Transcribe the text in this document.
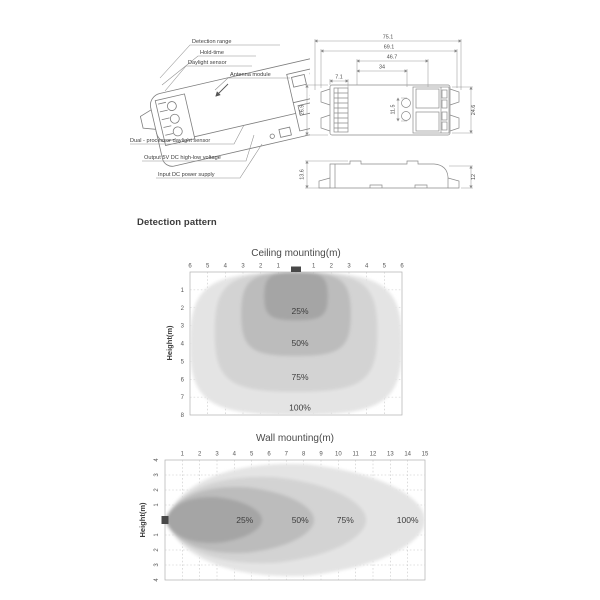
Detection range
Hold-time
Daylight sensor
Antenna module
Dual - processor daylight sensor
Output 5V DC high-low voltage
Input DC power supply
75.1
69.1
46.7
34
7.1
26.9	24.6
11.5
13.6	12
Detection pattern
Ceiling mounting(m)
Height(m)
100%
75%
50%
25%
6 5 4 3 2 1	1 2 3 4 5 6
1
2
3
4
5
6
7
8
Wall mounting(m)
Height(m)	100%
75%
50%
25%
1 2 3 4 5 6 7 8 9 10 11 12 13 14 15
4
3
2
1
1
2
3
4
